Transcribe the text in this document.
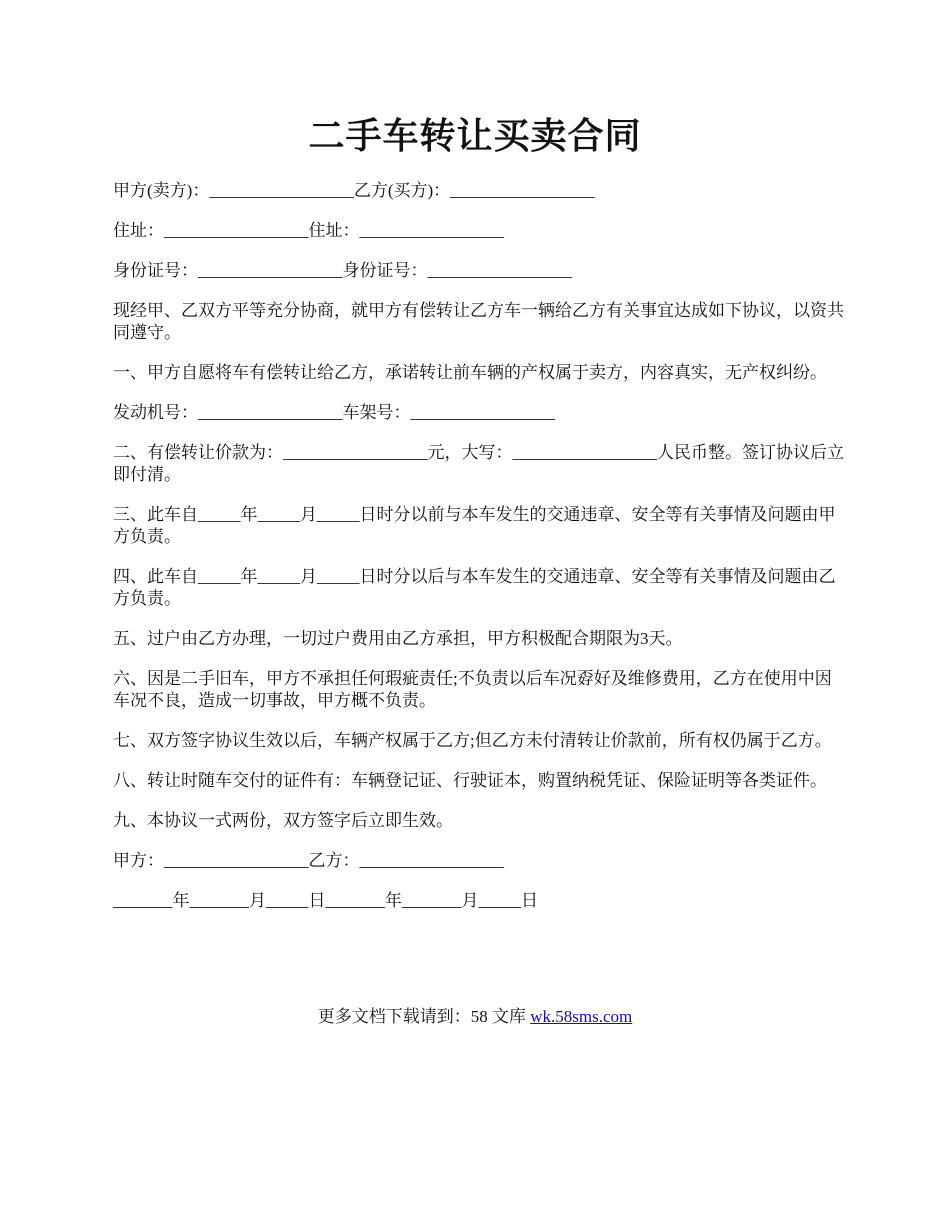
二手车转让买卖合同

甲方(卖方)：_________________乙方(买方)：_________________

住址：_________________住址：_________________

身份证号：_________________身份证号：_________________

现经甲、乙双方平等充分协商，就甲方有偿转让乙方车一辆给乙方有关事宜达成如下协议，以资共同遵守。

一、甲方自愿将车有偿转让给乙方，承诺转让前车辆的产权属于卖方，内容真实，无产权纠纷。

发动机号：_________________车架号：_________________

二、有偿转让价款为：_________________元，大写：_________________人民币整。签订协议后立即付清。

三、此车自_____年_____月_____日时分以前与本车发生的交通违章、安全等有关事情及问题由甲方负责。

四、此车自_____年_____月_____日时分以后与本车发生的交通违章、安全等有关事情及问题由乙方负责。

五、过户由乙方办理，一切过户费用由乙方承担，甲方积极配合期限为3天。

六、因是二手旧车，甲方不承担任何瑕疵责任;不负责以后车况孬好及维修费用，乙方在使用中因车况不良，造成一切事故，甲方概不负责。

七、双方签字协议生效以后，车辆产权属于乙方;但乙方未付清转让价款前，所有权仍属于乙方。

八、转让时随车交付的证件有：车辆登记证、行驶证本，购置纳税凭证、保险证明等各类证件。

九、本协议一式两份，双方签字后立即生效。

甲方：_________________乙方：_________________

_______年_______月_____日_______年_______月_____日

更多文档下载请到：58 文库 wk.58sms.com
